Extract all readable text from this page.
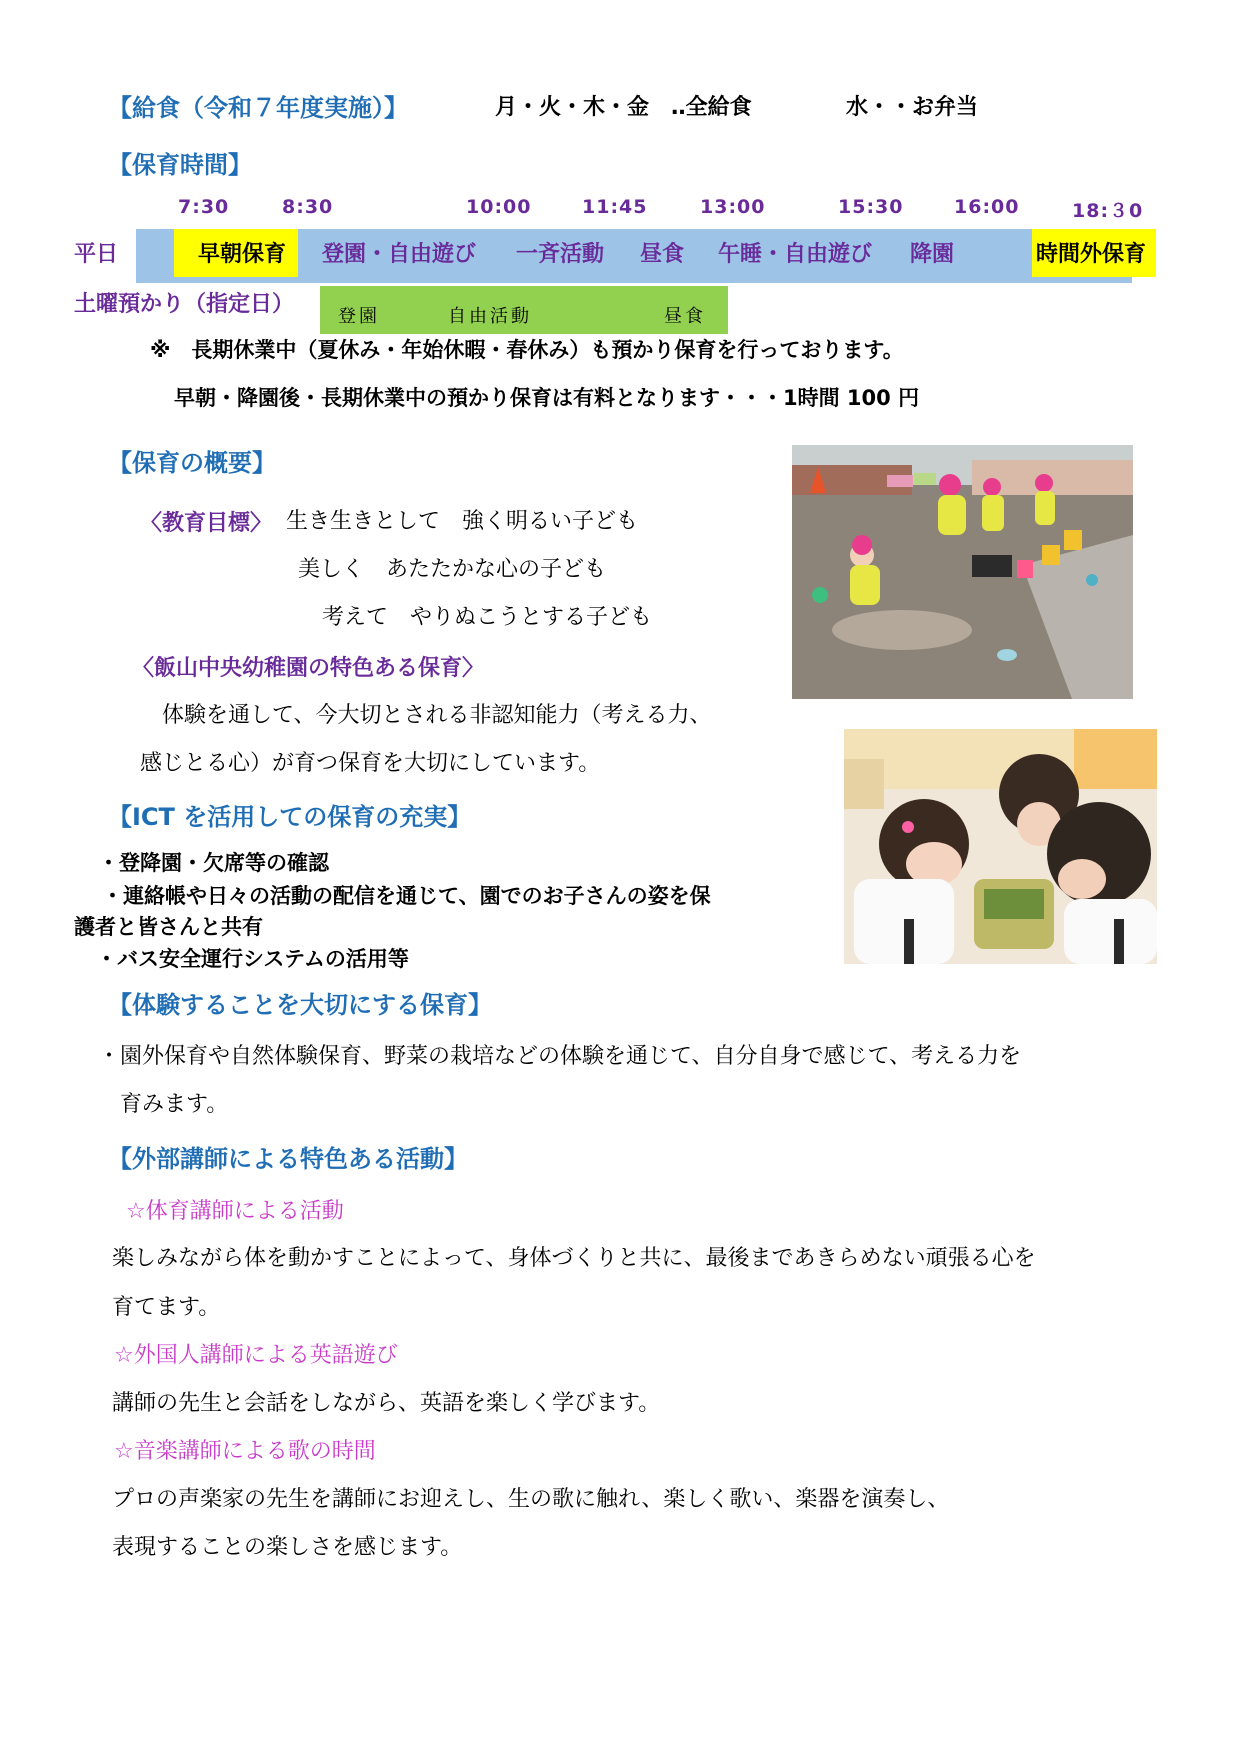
【給食（令和７年度実施）】	月・火・木・金　‥全給食	水・・お弁当
【保育時間】
7:30	8:30	10:00	11:45	13:00	15:30	16:00	18:３0
平日	早朝保育 登園・自由遊び 一斉活動 昼食 午睡・自由遊び 降園	時間外保育
土曜預かり（指定日） 登園	自由活動	昼食
※　長期休業中（夏休み・年始休暇・春休み）も預かり保育を行っております。
早朝・降園後・長期休業中の預かり保育は有料となります・・・1時間 100 円
【保育の概要】
〈教育目標〉 生き生きとして　強く明るい子ども
美しく　あたたかな心の子ども
考えて　やりぬこうとする子ども
〈飯山中央幼稚園の特色ある保育〉
体験を通して、今大切とされる非認知能力（考える力、
感じとる心）が育つ保育を大切にしています。
【ICT を活用しての保育の充実】
・登降園・欠席等の確認
・連絡帳や日々の活動の配信を通じて、園でのお子さんの姿を保
護者と皆さんと共有
・バス安全運行システムの活用等
【体験することを大切にする保育】
・園外保育や自然体験保育、野菜の栽培などの体験を通じて、自分自身で感じて、考える力を
育みます。
【外部講師による特色ある活動】
☆体育講師による活動
楽しみながら体を動かすことによって、身体づくりと共に、最後まであきらめない頑張る心を
育てます。
☆外国人講師による英語遊び
講師の先生と会話をしながら、英語を楽しく学びます。
☆音楽講師による歌の時間
プロの声楽家の先生を講師にお迎えし、生の歌に触れ、楽しく歌い、楽器を演奏し、
表現することの楽しさを感じます。
